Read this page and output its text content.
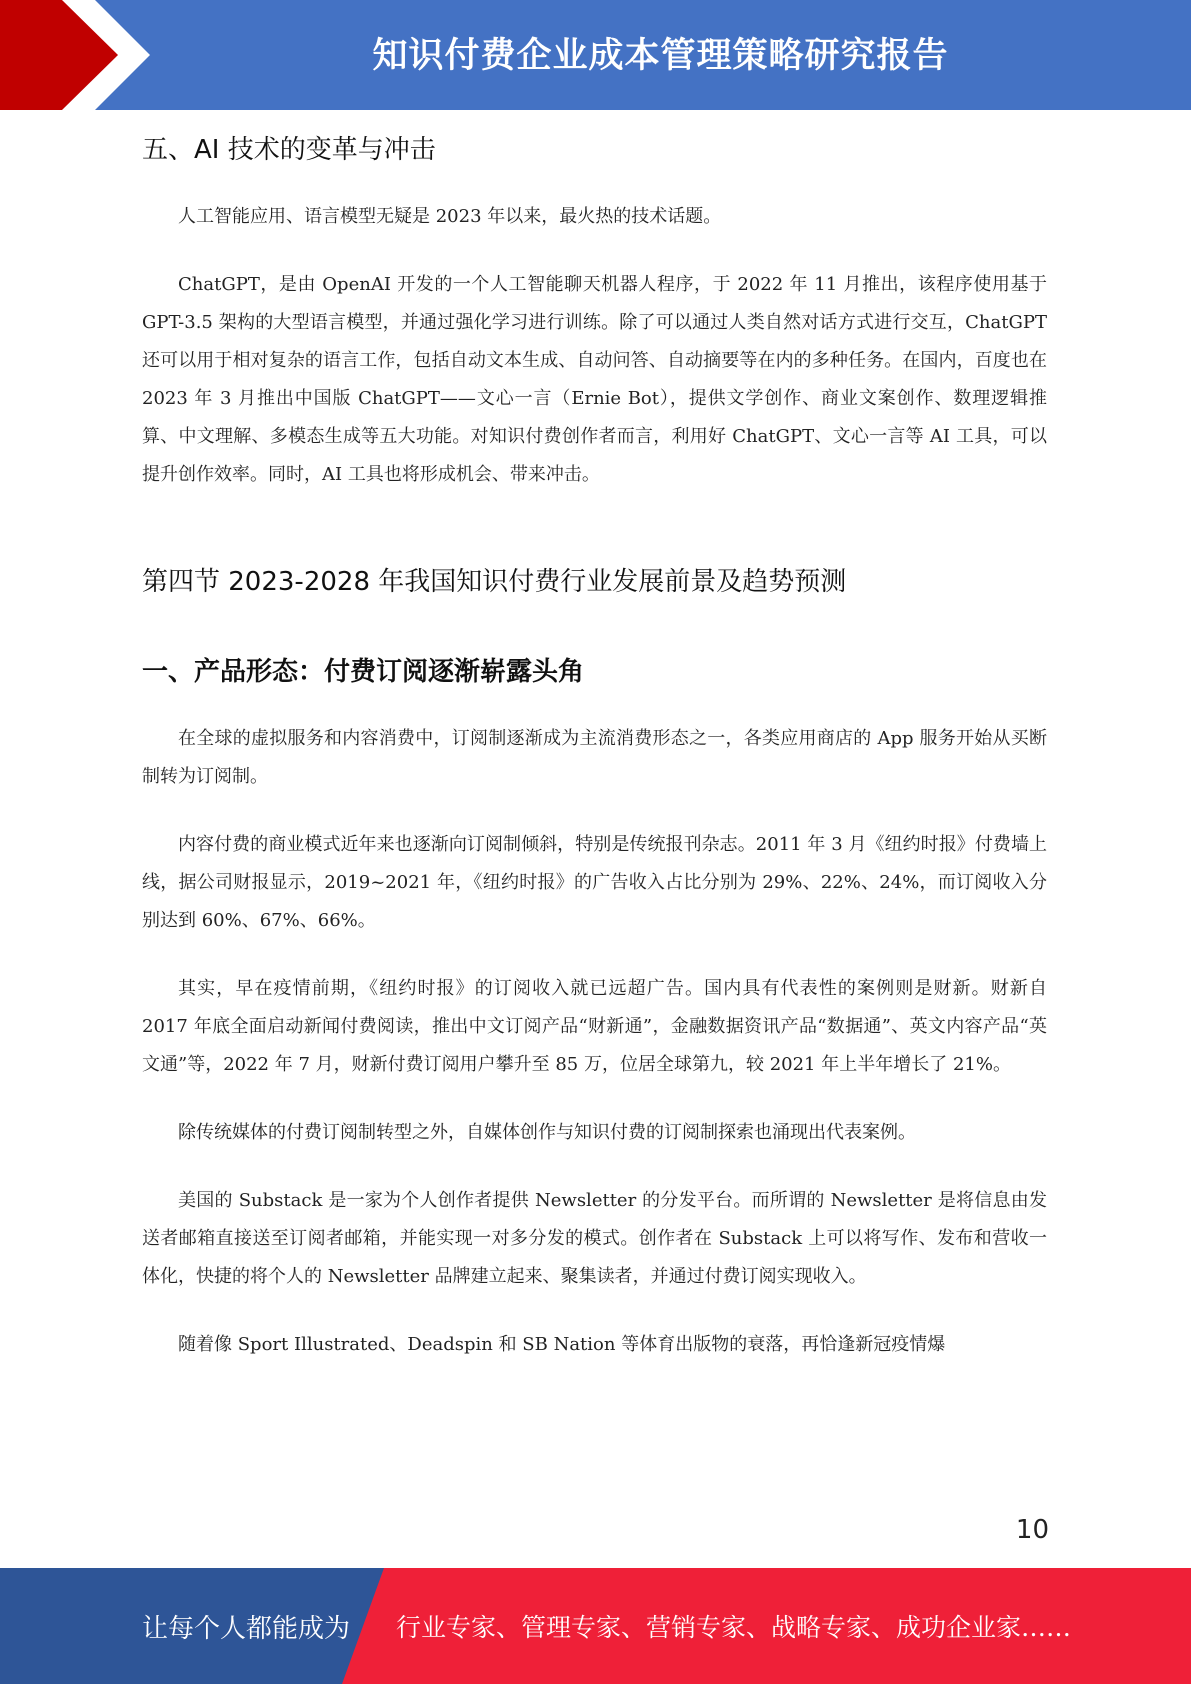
知识付费企业成本管理策略研究报告
五、AI 技术的变革与冲击

人工智能应用、语言模型无疑是 2023 年以来，最火热的技术话题。

ChatGPT，是由 OpenAI 开发的一个人工智能聊天机器人程序，于 2022 年 11 月推出，该程序使用基于 GPT-3.5 架构的大型语言模型，并通过强化学习进行训练。除了可以通过人类自然对话方式进行交互，ChatGPT 还可以用于相对复杂的语言工作，包括自动文本生成、自动问答、自动摘要等在内的多种任务。在国内，百度也在 2023 年 3 月推出中国版 ChatGPT——文心一言（Ernie Bot），提供文学创作、商业文案创作、数理逻辑推算、中文理解、多模态生成等五大功能。对知识付费创作者而言，利用好 ChatGPT、文心一言等 AI 工具，可以提升创作效率。同时，AI 工具也将形成机会、带来冲击。

第四节 2023-2028 年我国知识付费行业发展前景及趋势预测
一、产品形态：付费订阅逐渐崭露头角

在全球的虚拟服务和内容消费中，订阅制逐渐成为主流消费形态之一，各类应用商店的 App 服务开始从买断制转为订阅制。

内容付费的商业模式近年来也逐渐向订阅制倾斜，特别是传统报刊杂志。2011 年 3 月《纽约时报》付费墙上线，据公司财报显示，2019~2021 年，《纽约时报》的广告收入占比分别为 29%、22%、24%，而订阅收入分别达到 60%、67%、66%。

其实，早在疫情前期，《纽约时报》的订阅收入就已远超广告。国内具有代表性的案例则是财新。财新自 2017 年底全面启动新闻付费阅读，推出中文订阅产品“财新通”，金融数据资讯产品“数据通”、英文内容产品“英文通”等，2022 年 7 月，财新付费订阅用户攀升至 85 万，位居全球第九，较 2021 年上半年增长了 21%。

除传统媒体的付费订阅制转型之外，自媒体创作与知识付费的订阅制探索也涌现出代表案例。

美国的 Substack 是一家为个人创作者提供 Newsletter 的分发平台。而所谓的 Newsletter 是将信息由发送者邮箱直接送至订阅者邮箱，并能实现一对多分发的模式。创作者在 Substack 上可以将写作、发布和营收一体化，快捷的将个人的 Newsletter 品牌建立起来、聚集读者，并通过付费订阅实现收入。

随着像 Sport Illustrated、Deadspin 和 SB Nation 等体育出版物的衰落，再恰逢新冠疫情爆

10
让每个人都能成为 行业专家、管理专家、营销专家、战略专家、成功企业家……
